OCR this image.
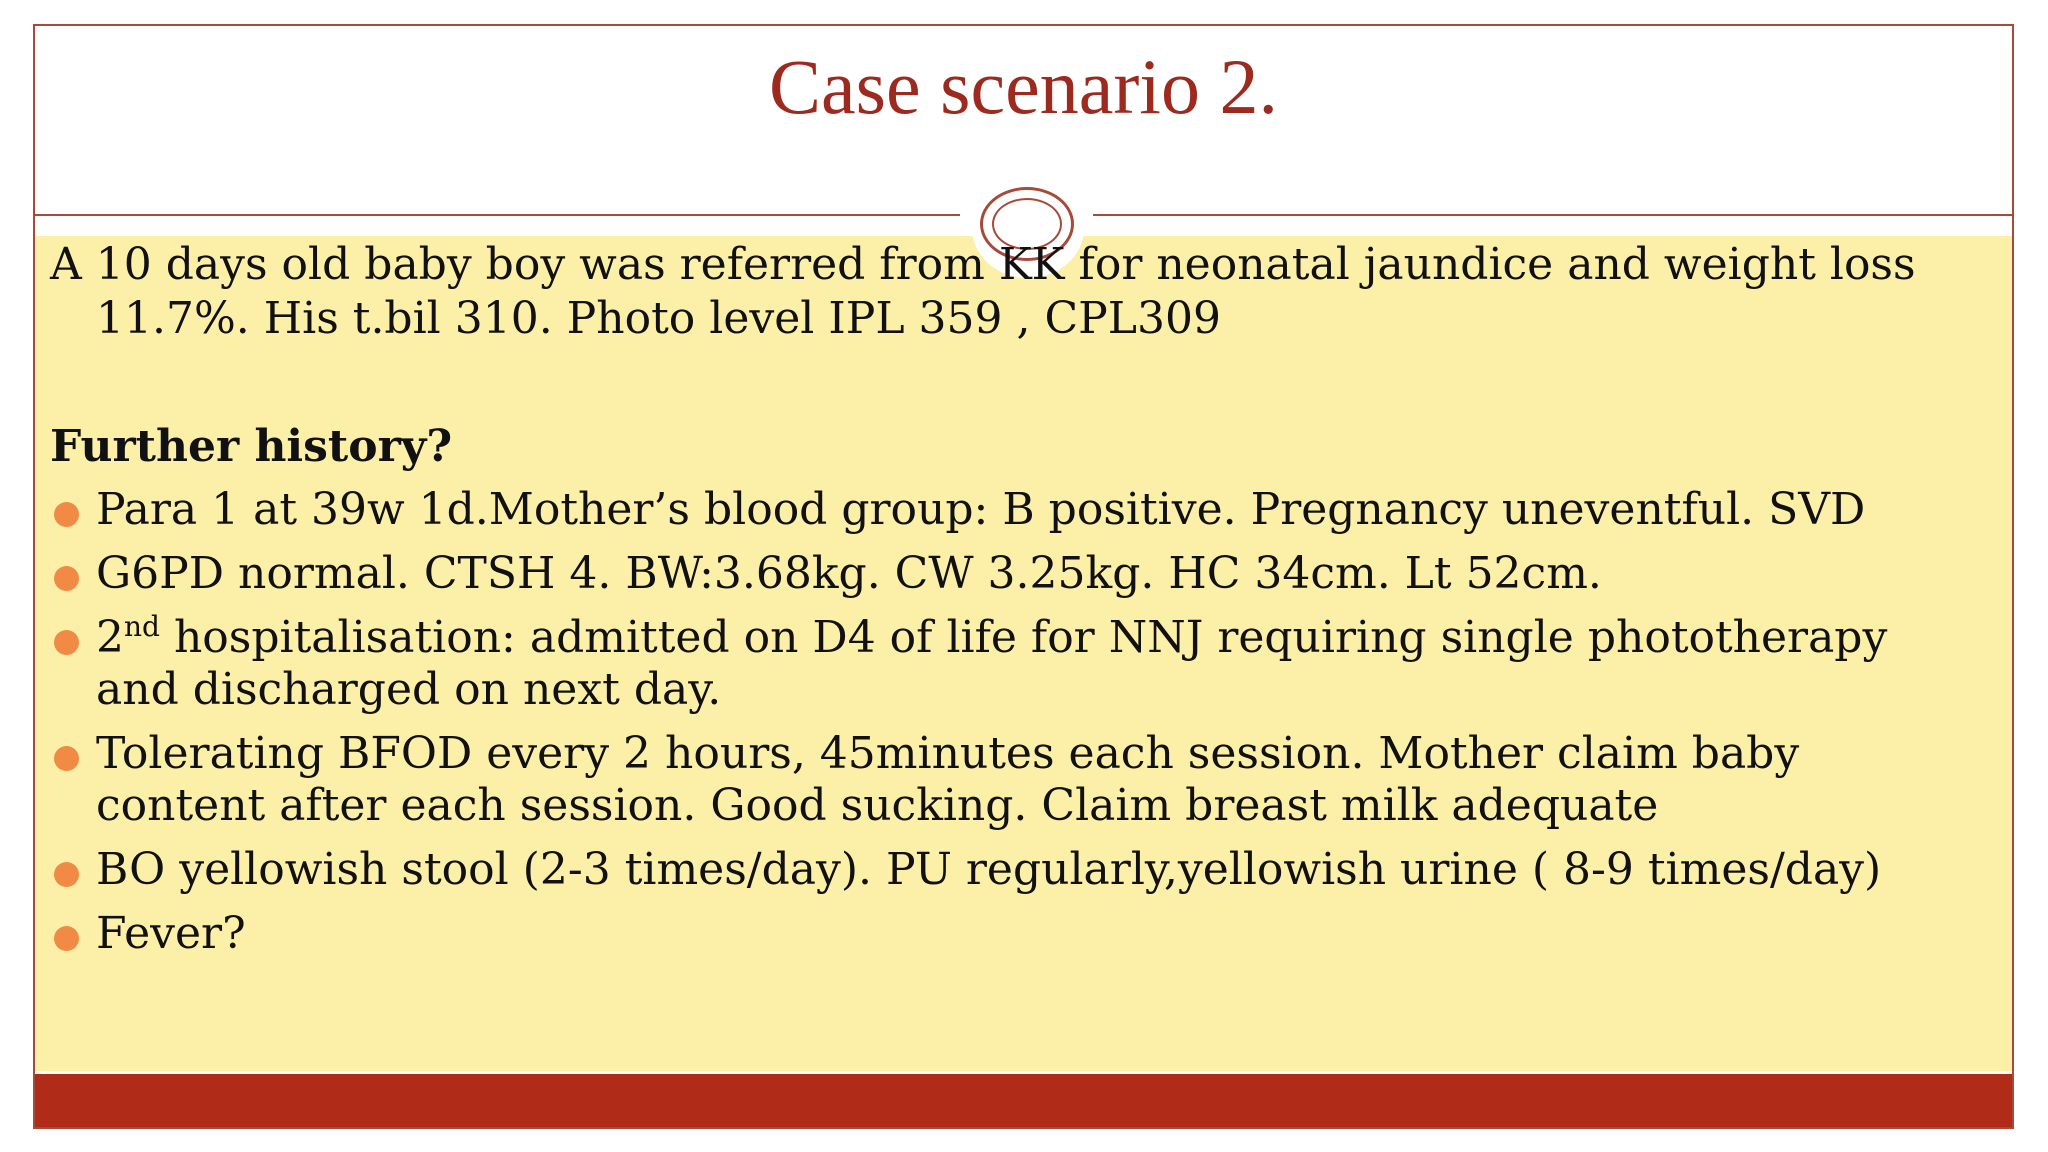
Case scenario 2.
A 10 days old baby boy was referred from KK for neonatal jaundice and weight loss 11.7%. His t.bil 310. Photo level IPL 359 , CPL309
Further history?
Para 1 at 39w 1d.Mother’s blood group: B positive. Pregnancy uneventful. SVD
G6PD normal. CTSH 4. BW:3.68kg. CW 3.25kg. HC 34cm. Lt 52cm.
2nd hospitalisation: admitted on D4 of life for NNJ requiring single phototherapy and discharged on next day.
Tolerating BFOD every 2 hours, 45minutes each session. Mother claim baby content after each session. Good sucking. Claim breast milk adequate
BO yellowish stool (2-3 times/day). PU regularly,yellowish urine ( 8-9 times/day)
Fever?
